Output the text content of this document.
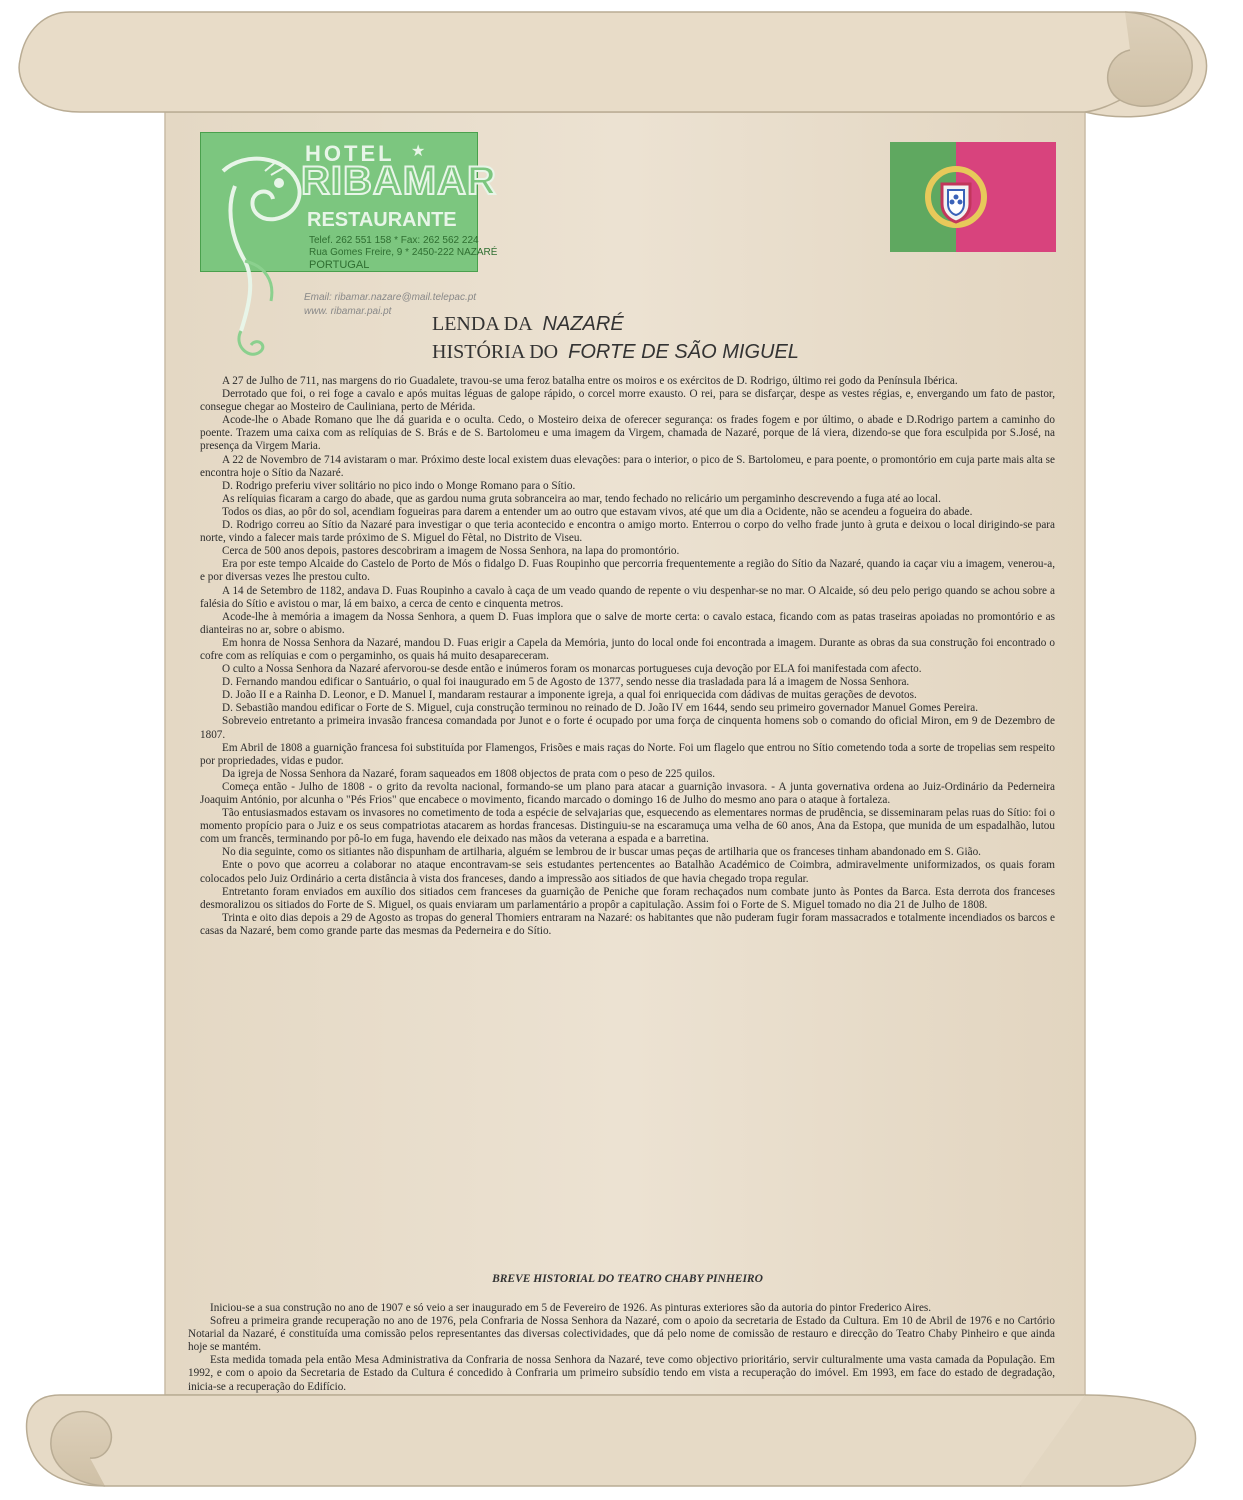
HOTEL ★
RIBAMAR
RESTAURANTE
Telef. 262 551 158 * Fax: 262 562 224
Rua Gomes Freire, 9 * 2450-222 NAZARÉ
PORTUGAL
Email: ribamar.nazare@mail.telepac.pt
www. ribamar.pai.pt
LENDA DA NAZARÉ
HISTÓRIA DO FORTE DE SÃO MIGUEL

A 27 de Julho de 711, nas margens do rio Guadalete, travou-se uma feroz batalha entre os moiros e os exércitos de D. Rodrigo, último rei godo da Península Ibérica.

Derrotado que foi, o rei foge a cavalo e após muitas léguas de galope rápido, o corcel morre exausto. O rei, para se disfarçar, despe as vestes régias, e, envergando um fato de pastor, consegue chegar ao Mosteiro de Cauliniana, perto de Mérida.

Acode-lhe o Abade Romano que lhe dá guarida e o oculta. Cedo, o Mosteiro deixa de oferecer segurança: os frades fogem e por último, o abade e D.Rodrigo partem a caminho do poente. Trazem uma caixa com as relíquias de S. Brás e de S. Bartolomeu e uma imagem da Virgem, chamada de Nazaré, porque de lá viera, dizendo-se que fora esculpida por S.José, na presença da Virgem Maria.

A 22 de Novembro de 714 avistaram o mar. Próximo deste local existem duas elevações: para o interior, o pico de S. Bartolomeu, e para poente, o promontório em cuja parte mais alta se encontra hoje o Sítio da Nazaré.

D. Rodrigo preferiu viver solitário no pico indo o Monge Romano para o Sítio.

As relíquias ficaram a cargo do abade, que as gardou numa gruta sobranceira ao mar, tendo fechado no relicário um pergaminho descrevendo a fuga até ao local.

Todos os dias, ao pôr do sol, acendiam fogueiras para darem a entender um ao outro que estavam vivos, até que um dia a Ocidente, não se acendeu a fogueira do abade.

D. Rodrigo correu ao Sítio da Nazaré para investigar o que teria acontecido e encontra o amigo morto. Enterrou o corpo do velho frade junto à gruta e deixou o local dirigindo-se para norte, vindo a falecer mais tarde próximo de S. Miguel do Fètal, no Distrito de Viseu.

Cerca de 500 anos depois, pastores descobriram a imagem de Nossa Senhora, na lapa do promontório.

Era por este tempo Alcaide do Castelo de Porto de Mós o fidalgo D. Fuas Roupinho que percorria frequentemente a região do Sítio da Nazaré, quando ia caçar viu a imagem, venerou-a, e por diversas vezes lhe prestou culto.

A 14 de Setembro de 1182, andava D. Fuas Roupinho a cavalo à caça de um veado quando de repente o viu despenhar-se no mar. O Alcaide, só deu pelo perigo quando se achou sobre a falésia do Sítio e avistou o mar, lá em baixo, a cerca de cento e cinquenta metros.

Acode-lhe à memória a imagem da Nossa Senhora, a quem D. Fuas implora que o salve de morte certa: o cavalo estaca, ficando com as patas traseiras apoiadas no promontório e as dianteiras no ar, sobre o abismo.

Em honra de Nossa Senhora da Nazaré, mandou D. Fuas erigir a Capela da Memória, junto do local onde foi encontrada a imagem. Durante as obras da sua construção foi encontrado o cofre com as relíquias e com o pergaminho, os quais há muito desapareceram.

O culto a Nossa Senhora da Nazaré afervorou-se desde então e inúmeros foram os monarcas portugueses cuja devoção por ELA foi manifestada com afecto.

D. Fernando mandou edificar o Santuário, o qual foi inaugurado em 5 de Agosto de 1377, sendo nesse dia trasladada para lá a imagem de Nossa Senhora.

D. João II e a Rainha D. Leonor, e D. Manuel I, mandaram restaurar a imponente igreja, a qual foi enriquecida com dádivas de muitas gerações de devotos.

D. Sebastião mandou edificar o Forte de S. Miguel, cuja construção terminou no reinado de D. João IV em 1644, sendo seu primeiro governador Manuel Gomes Pereira.

Sobreveio entretanto a primeira invasão francesa comandada por Junot e o forte é ocupado por uma força de cinquenta homens sob o comando do oficial Miron, em 9 de Dezembro de 1807.

Em Abril de 1808 a guarnição francesa foi substituída por Flamengos, Frisões e mais raças do Norte. Foi um flagelo que entrou no Sítio cometendo toda a sorte de tropelias sem respeito por propriedades, vidas e pudor.

Da igreja de Nossa Senhora da Nazaré, foram saqueados em 1808 objectos de prata com o peso de 225 quilos.

Começa então - Julho de 1808 - o grito da revolta nacional, formando-se um plano para atacar a guarnição invasora. - A junta governativa ordena ao Juiz-Ordinário da Pederneira Joaquim António, por alcunha o "Pés Frios" que encabece o movimento, ficando marcado o domingo 16 de Julho do mesmo ano para o ataque à fortaleza.

Tão entusiasmados estavam os invasores no cometimento de toda a espécie de selvajarias que, esquecendo as elementares normas de prudência, se disseminaram pelas ruas do Sítio: foi o momento propício para o Juiz e os seus compatriotas atacarem as hordas francesas. Distinguiu-se na escaramuça uma velha de 60 anos, Ana da Estopa, que munida de um espadalhão, lutou com um francês, terminando por pô-lo em fuga, havendo ele deixado nas mãos da veterana a espada e a barretina.

No dia seguinte, como os sitiantes não dispunham de artilharia, alguém se lembrou de ir buscar umas peças de artilharia que os franceses tinham abandonado em S. Gião.

Ente o povo que acorreu a colaborar no ataque encontravam-se seis estudantes pertencentes ao Batalhão Académico de Coimbra, admiravelmente uniformizados, os quais foram colocados pelo Juiz Ordinário a certa distância à vista dos franceses, dando a impressão aos sitiados de que havia chegado tropa regular.

Entretanto foram enviados em auxílio dos sitiados cem franceses da guarnição de Peniche que foram rechaçados num combate junto às Pontes da Barca. Esta derrota dos franceses desmoralizou os sitiados do Forte de S. Miguel, os quais enviaram um parlamentário a propôr a capitulação. Assim foi o Forte de S. Miguel tomado no dia 21 de Julho de 1808.

Trinta e oito dias depois a 29 de Agosto as tropas do general Thomiers entraram na Nazaré: os habitantes que não puderam fugir foram massacrados e totalmente incendiados os barcos e casas da Nazaré, bem como grande parte das mesmas da Pederneira e do Sítio.

BREVE HISTORIAL DO TEATRO CHABY PINHEIRO

Iniciou-se a sua construção no ano de 1907 e só veio a ser inaugurado em 5 de Fevereiro de 1926. As pinturas exteriores são da autoria do pintor Frederico Aires.

Sofreu a primeira grande recuperação no ano de 1976, pela Confraria de Nossa Senhora da Nazaré, com o apoio da secretaria de Estado da Cultura. Em 10 de Abril de 1976 e no Cartório Notarial da Nazaré, é constituída uma comissão pelos representantes das diversas colectividades, que dá pelo nome de comissão de restauro e direcção do Teatro Chaby Pinheiro e que ainda hoje se mantém.

Esta medida tomada pela então Mesa Administrativa da Confraria de nossa Senhora da Nazaré, teve como objectivo prioritário, servir culturalmente uma vasta camada da População. Em 1992, e com o apoio da Secretaria de Estado da Cultura é concedido à Confraria um primeiro subsídio tendo em vista a recuperação do imóvel. Em 1993, em face do estado de degradação, inicia-se a recuperação do Edifício.
